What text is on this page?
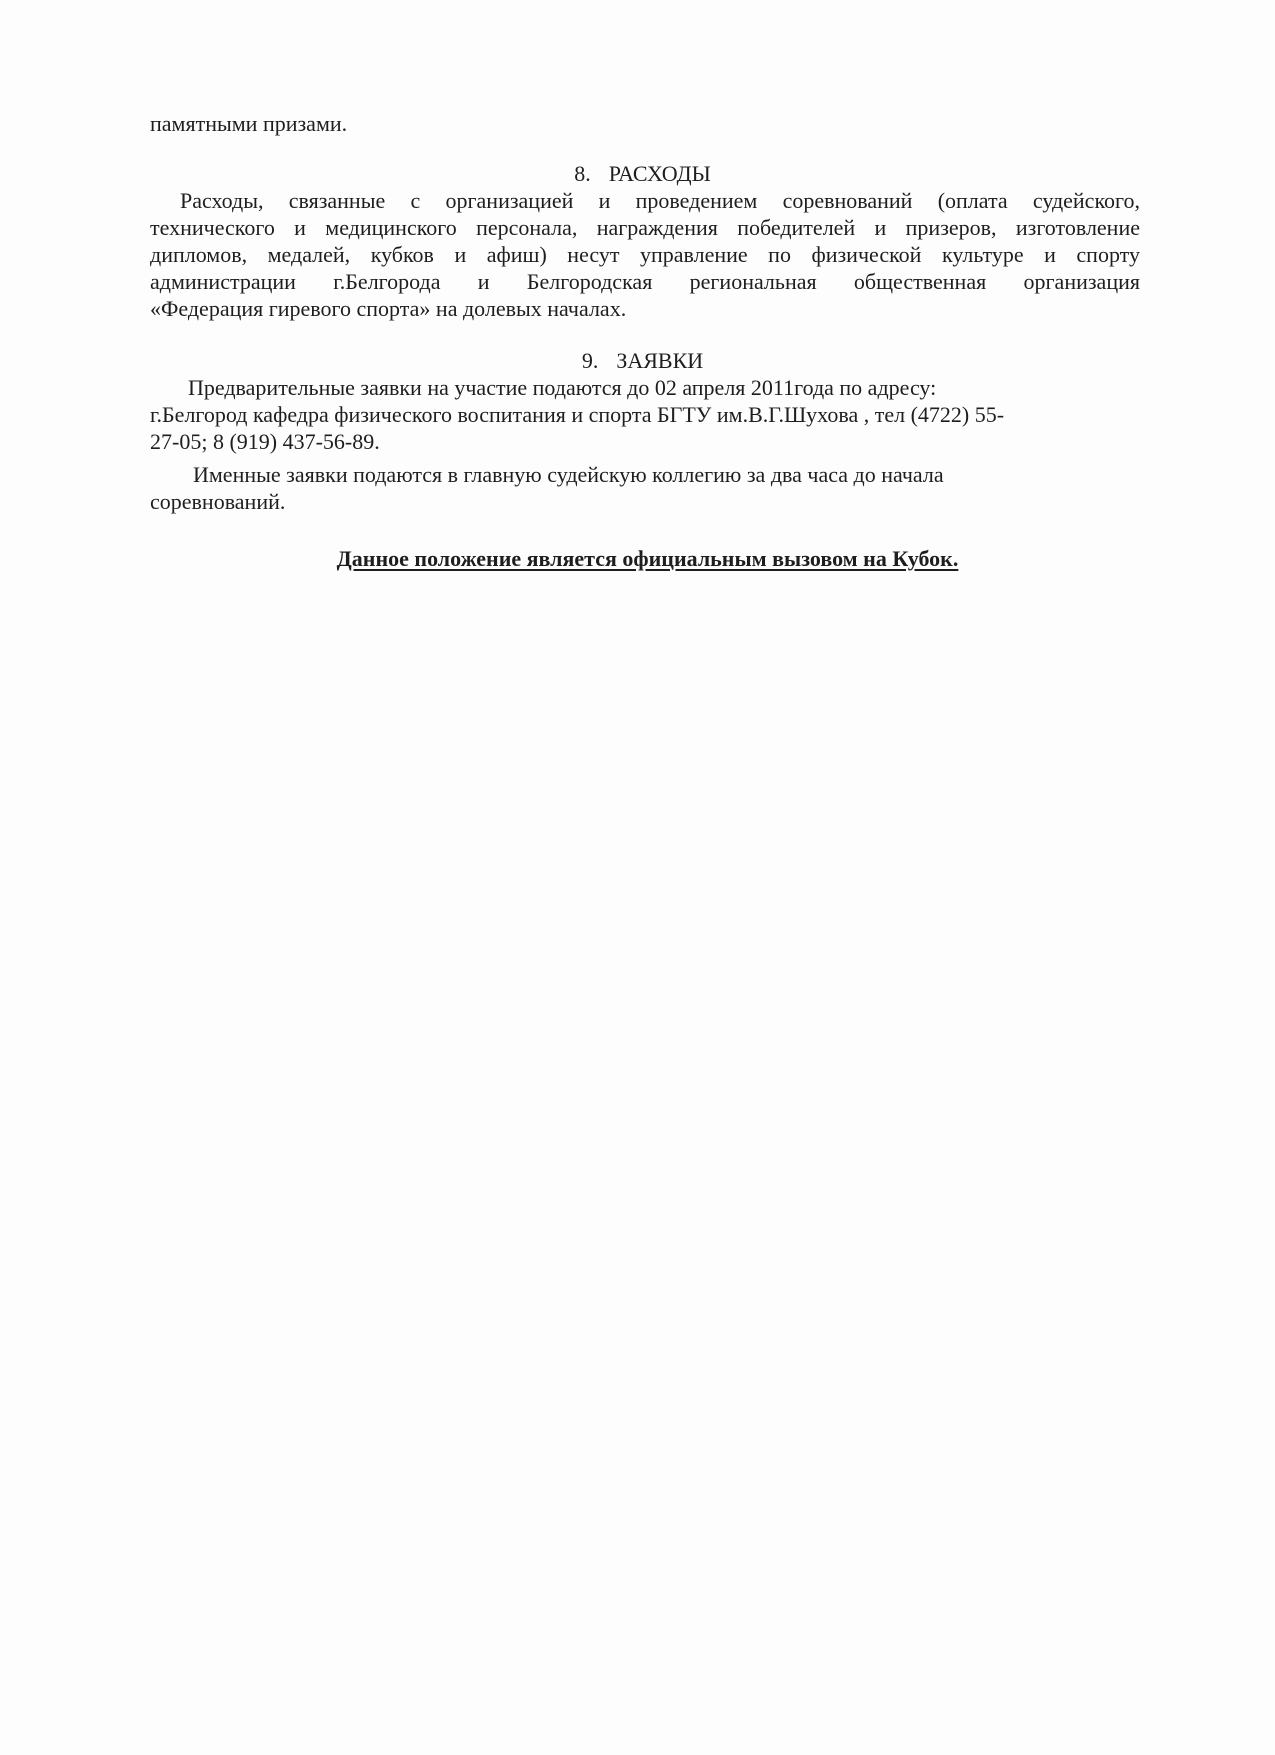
памятными призами.
8. РАСХОДЫ
Расходы, связанные с организацией и проведением соревнований (оплата судейского,
технического и медицинского персонала, награждения победителей и призеров, изготовление
дипломов, медалей, кубков и афиш) несут управление по физической культуре и спорту
администрации г.Белгорода и Белгородская региональная общественная организация
«Федерация гиревого спорта» на долевых началах.
9. ЗАЯВКИ
Предварительные заявки на участие подаются до 02 апреля 2011года по адресу:
г.Белгород кафедра физического воспитания и спорта БГТУ им.В.Г.Шухова , тел (4722) 55-
27-05; 8 (919) 437-56-89.
Именные заявки подаются в главную судейскую коллегию за два часа до начала
соревнований.
Данное положение является официальным вызовом на Кубок.
